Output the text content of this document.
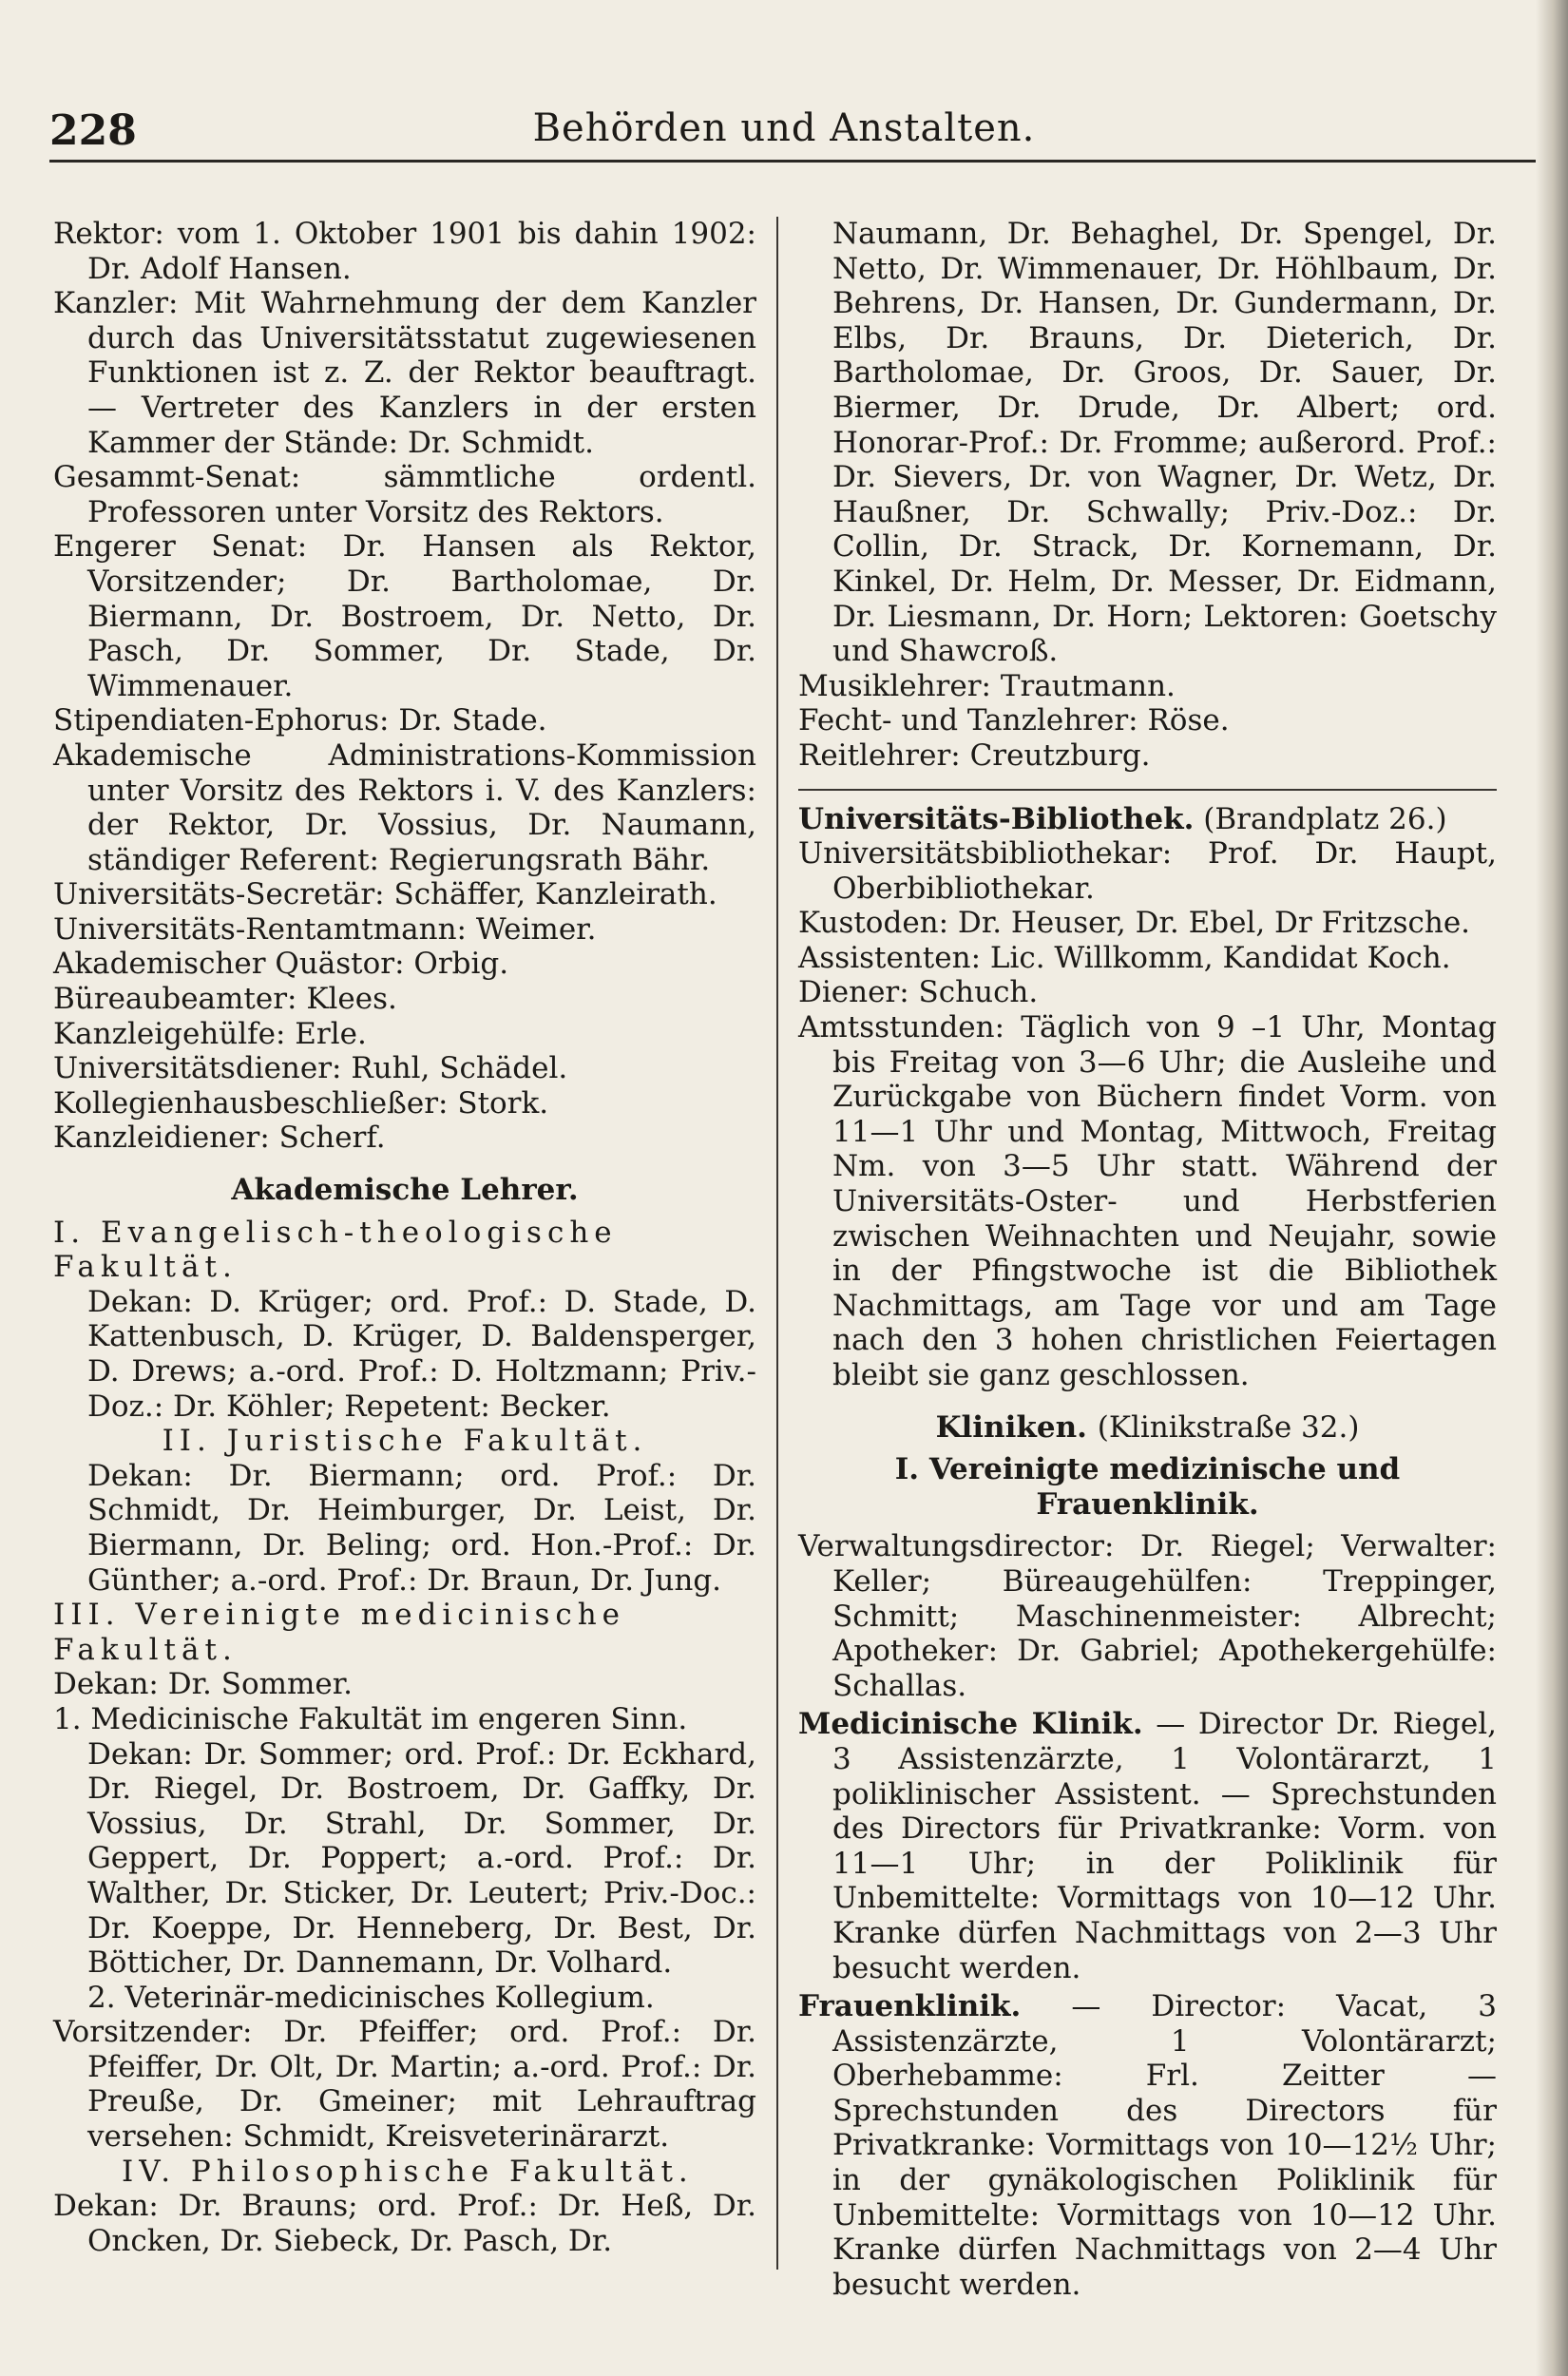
228	Behörden und Anstalten.

Rektor: vom 1. Oktober 1901 bis dahin 1902: Dr. Adolf Hansen.

Kanzler: Mit Wahrnehmung der dem Kanzler durch das Universitätsstatut zugewiesenen Funktionen ist z. Z. der Rektor beauftragt. — Vertreter des Kanzlers in der ersten Kammer der Stände: Dr. Schmidt.

Gesammt-Senat: sämmtliche ordentl. Professoren unter Vorsitz des Rektors.

Engerer Senat: Dr. Hansen als Rektor, Vorsitzender; Dr. Bartholomae, Dr. Biermann, Dr. Bostroem, Dr. Netto, Dr. Pasch, Dr. Sommer, Dr. Stade, Dr. Wimmenauer.

Stipendiaten-Ephorus: Dr. Stade.

Akademische Administrations-Kommission unter Vorsitz des Rektors i. V. des Kanzlers: der Rektor, Dr. Vossius, Dr. Naumann, ständiger Referent: Regierungsrath Bähr.

Universitäts-Secretär: Schäffer, Kanzleirath.

Universitäts-Rentamtmann: Weimer.

Akademischer Quästor: Orbig.

Büreaubeamter: Klees.

Kanzleigehülfe: Erle.

Universitätsdiener: Ruhl, Schädel.

Kollegienhausbeschließer: Stork.

Kanzleidiener: Scherf.

Akademische Lehrer.

I. Evangelisch-theologische Fakultät.

Dekan: D. Krüger; ord. Prof.: D. Stade, D. Kattenbusch, D. Krüger, D. Baldensperger, D. Drews; a.-ord. Prof.: D. Holtzmann; Priv.-Doz.: Dr. Köhler; Repetent: Becker.

II. Juristische Fakultät.

Dekan: Dr. Biermann; ord. Prof.: Dr. Schmidt, Dr. Heimburger, Dr. Leist, Dr. Biermann, Dr. Beling; ord. Hon.-Prof.: Dr. Günther; a.-ord. Prof.: Dr. Braun, Dr. Jung.

III. Vereinigte medicinische Fakultät.

Dekan: Dr. Sommer.

1. Medicinische Fakultät im engeren Sinn.

Dekan: Dr. Sommer; ord. Prof.: Dr. Eckhard, Dr. Riegel, Dr. Bostroem, Dr. Gaffky, Dr. Vossius, Dr. Strahl, Dr. Sommer, Dr. Geppert, Dr. Poppert; a.-ord. Prof.: Dr. Walther, Dr. Sticker, Dr. Leutert; Priv.-Doc.: Dr. Koeppe, Dr. Henneberg, Dr. Best, Dr. Bötticher, Dr. Dannemann, Dr. Volhard.

2. Veterinär-medicinisches Kollegium.

Vorsitzender: Dr. Pfeiffer; ord. Prof.: Dr. Pfeiffer, Dr. Olt, Dr. Martin; a.-ord. Prof.: Dr. Preuße, Dr. Gmeiner; mit Lehrauftrag versehen: Schmidt, Kreisveterinärarzt.

IV. Philosophische Fakultät.

Dekan: Dr. Brauns; ord. Prof.: Dr. Heß, Dr. Oncken, Dr. Siebeck, Dr. Pasch, Dr.

Naumann, Dr. Behaghel, Dr. Spengel, Dr. Netto, Dr. Wimmenauer, Dr. Höhlbaum, Dr. Behrens, Dr. Hansen, Dr. Gundermann, Dr. Elbs, Dr. Brauns, Dr. Dieterich, Dr. Bartholomae, Dr. Groos, Dr. Sauer, Dr. Biermer, Dr. Drude, Dr. Albert; ord. Honorar-Prof.: Dr. Fromme; außerord. Prof.: Dr. Sievers, Dr. von Wagner, Dr. Wetz, Dr. Haußner, Dr. Schwally; Priv.-Doz.: Dr. Collin, Dr. Strack, Dr. Kornemann, Dr. Kinkel, Dr. Helm, Dr. Messer, Dr. Eidmann, Dr. Liesmann, Dr. Horn; Lektoren: Goetschy und Shawcroß.

Musiklehrer: Trautmann.

Fecht- und Tanzlehrer: Röse.

Reitlehrer: Creutzburg.

Universitäts-Bibliothek. (Brandplatz 26.)

Universitätsbibliothekar: Prof. Dr. Haupt, Oberbibliothekar.

Kustoden: Dr. Heuser, Dr. Ebel, Dr Fritzsche.

Assistenten: Lic. Willkomm, Kandidat Koch.

Diener: Schuch.

Amtsstunden: Täglich von 9 –1 Uhr, Montag bis Freitag von 3—6 Uhr; die Ausleihe und Zurückgabe von Büchern findet Vorm. von 11—1 Uhr und Montag, Mittwoch, Freitag Nm. von 3—5 Uhr statt. Während der Universitäts-Oster- und Herbstferien zwischen Weihnachten und Neujahr, sowie in der Pfingstwoche ist die Bibliothek Nachmittags, am Tage vor und am Tage nach den 3 hohen christlichen Feiertagen bleibt sie ganz geschlossen.

Kliniken. (Klinikstraße 32.)

I. Vereinigte medizinische und Frauenklinik.

Verwaltungsdirector: Dr. Riegel; Verwalter: Keller; Büreaugehülfen: Treppinger, Schmitt; Maschinenmeister: Albrecht; Apotheker: Dr. Gabriel; Apothekergehülfe: Schallas.

Medicinische Klinik. — Director Dr. Riegel, 3 Assistenzärzte, 1 Volontärarzt, 1 poliklinischer Assistent. — Sprechstunden des Directors für Privatkranke: Vorm. von 11—1 Uhr; in der Poliklinik für Unbemittelte: Vormittags von 10—12 Uhr. Kranke dürfen Nachmittags von 2—3 Uhr besucht werden.

Frauenklinik. — Director: Vacat, 3 Assistenzärzte, 1 Volontärarzt; Oberhebamme: Frl. Zeitter — Sprechstunden des Directors für Privatkranke: Vormittags von 10—12½ Uhr; in der gynäkologischen Poliklinik für Unbemittelte: Vormittags von 10—12 Uhr. Kranke dürfen Nachmittags von 2—4 Uhr besucht werden.
